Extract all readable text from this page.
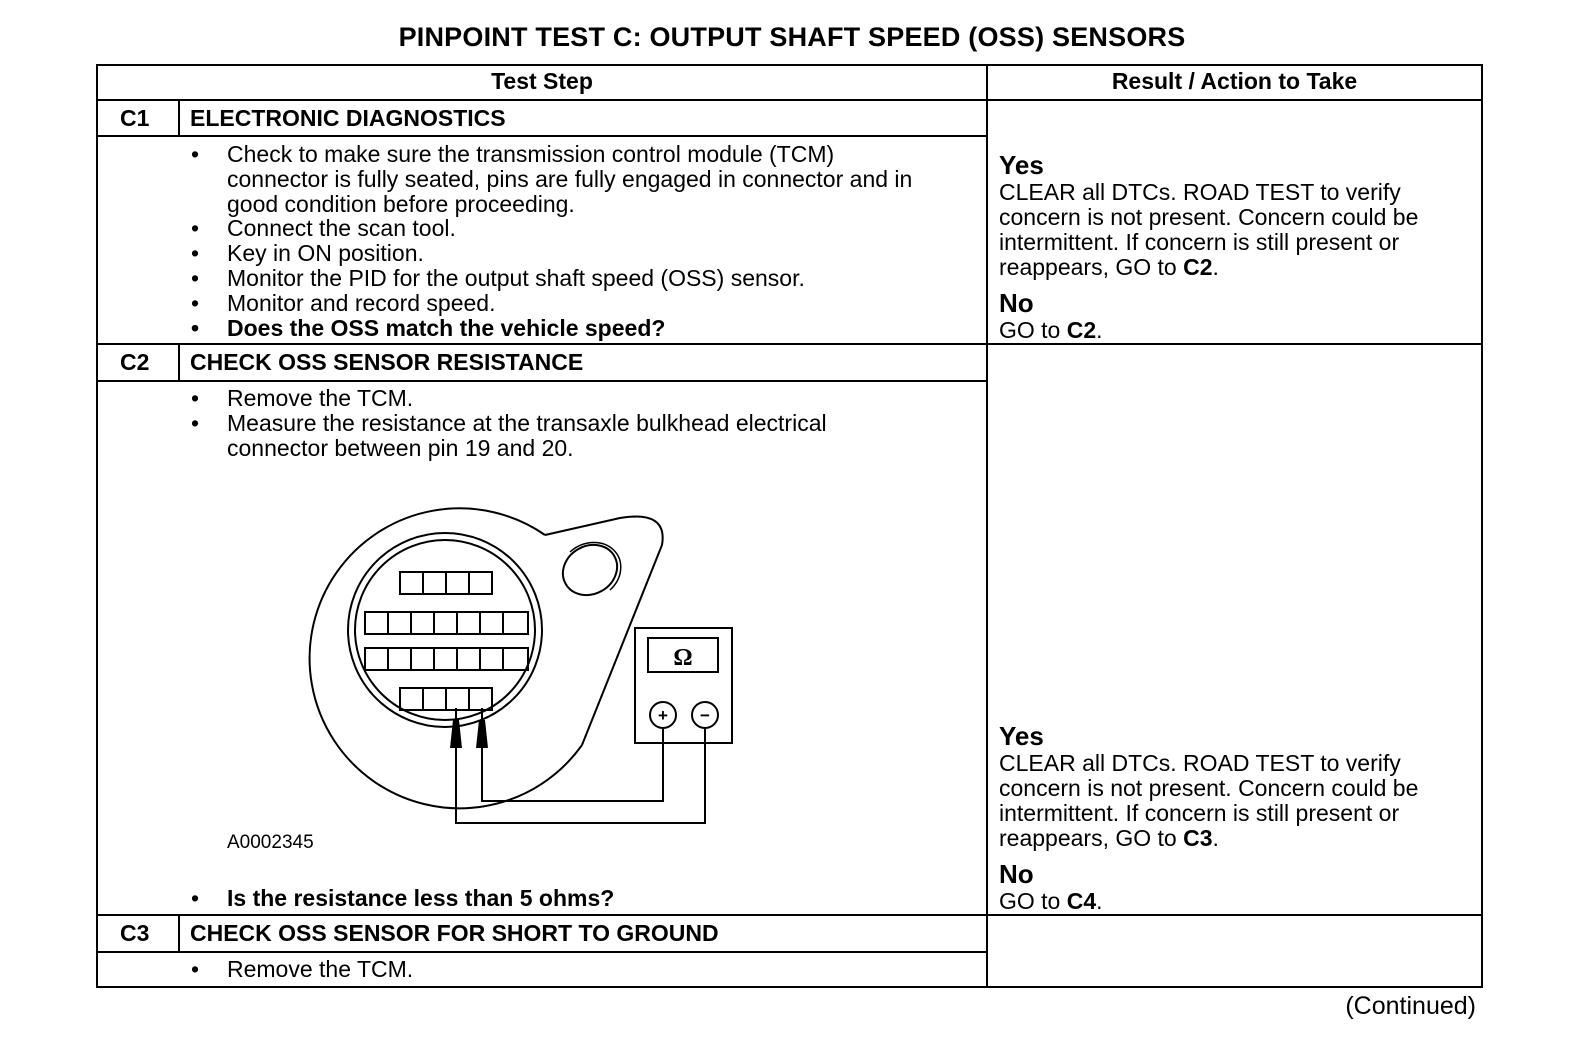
PINPOINT TEST C: OUTPUT SHAFT SPEED (OSS) SENSORS
Test Step	Result / Action to Take
C1 ELECTRONIC DIAGNOSTICS
• Check to make sure the transmission control module (TCM) connector is fully seated, pins are fully engaged in connector and in good condition before proceeding.
• Connect the scan tool.
• Key in ON position.
• Monitor the PID for the output shaft speed (OSS) sensor.
• Monitor and record speed.
• Does the OSS match the vehicle speed?
Yes

CLEAR all DTCs. ROAD TEST to verify concern is not present. Concern could be intermittent. If concern is still present or reappears, GO to C2.

No

GO to C2.

C2 CHECK OSS SENSOR RESISTANCE
• Remove the TCM.
• Measure the resistance at the transaxle bulkhead electrical connector between pin 19 and 20.
Ω
+ −
A0002345
• Is the resistance less than 5 ohms?
Yes

CLEAR all DTCs. ROAD TEST to verify concern is not present. Concern could be intermittent. If concern is still present or reappears, GO to C3.

No

GO to C4.

C3 CHECK OSS SENSOR FOR SHORT TO GROUND
• Remove the TCM.
(Continued)
